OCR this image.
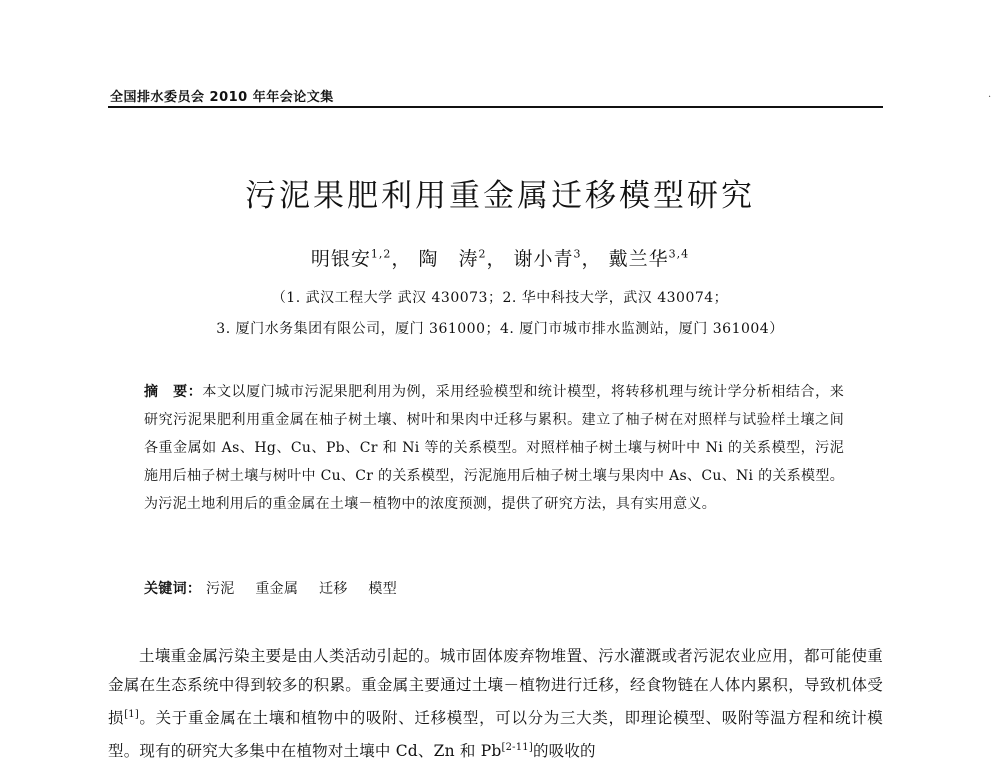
全国排水委员会 2010 年年会论文集	·
污泥果肥利用重金属迁移模型研究
明银安$^{1,2}$， 陶　涛$^2$， 谢小青$^3$， 戴兰华$^{3,4}$
（1. 武汉工程大学 武汉 430073；2. 华中科技大学，武汉 430074；
3. 厦门水务集团有限公司，厦门 361000；4. 厦门市城市排水监测站，厦门 361004）
摘　要：本文以厦门城市污泥果肥利用为例，采用经验模型和统计模型，将转移机理与统计学分析相结合，来研究污泥果肥利用重金属在柚子树土壤、树叶和果肉中迁移与累积。建立了柚子树在对照样与试验样土壤之间各重金属如 As、Hg、Cu、Pb、Cr 和 Ni 等的关系模型。对照样柚子树土壤与树叶中 Ni 的关系模型，污泥施用后柚子树土壤与树叶中 Cu、Cr 的关系模型，污泥施用后柚子树土壤与果肉中 As、Cu、Ni 的关系模型。为污泥土地利用后的重金属在土壤－植物中的浓度预测，提供了研究方法，具有实用意义。
关键词： 污泥 重金属 迁移 模型
土壤重金属污染主要是由人类活动引起的。城市固体废弃物堆置、污水灌溉或者污泥农业应用，都可能使重金属在生态系统中得到较多的积累。重金属主要通过土壤－植物进行迁移，经食物链在人体内累积，导致机体受损[1]。关于重金属在土壤和植物中的吸附、迁移模型，可以分为三大类，即理论模型、吸附等温方程和统计模型。现有的研究大多集中在植物对土壤中 Cd、Zn 和 Pb[2-11]的吸收的
